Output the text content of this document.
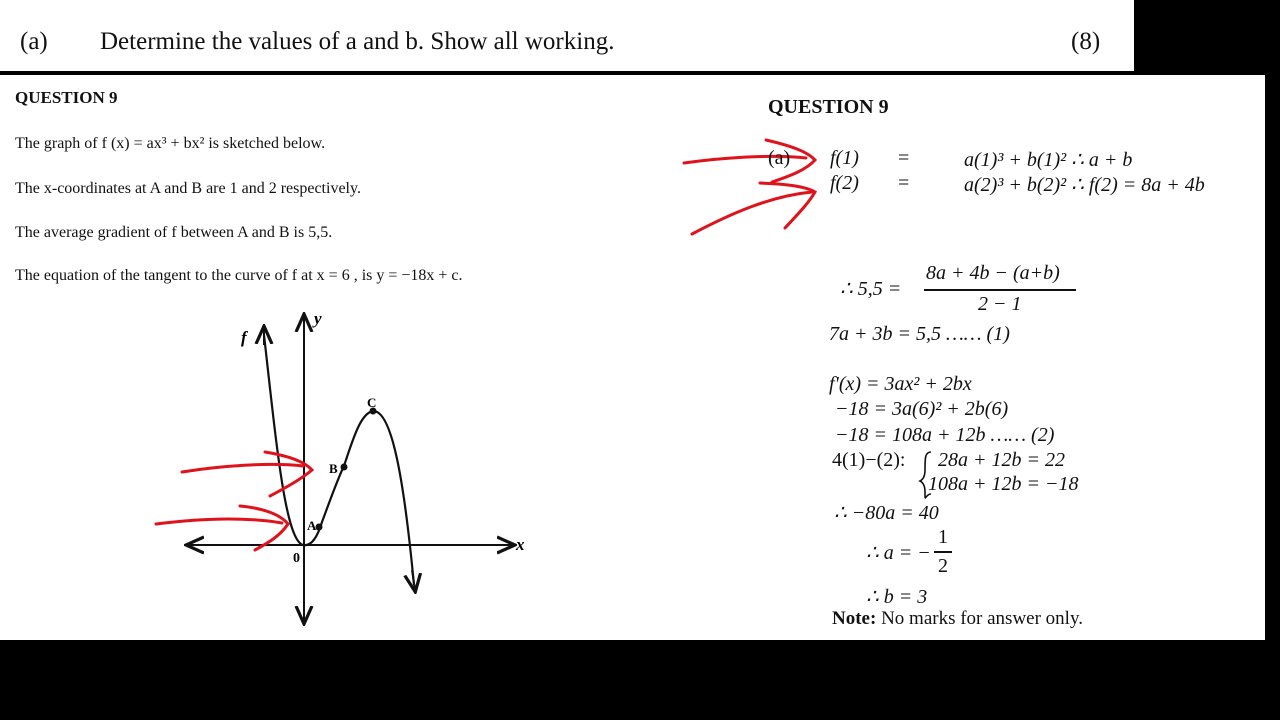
(a) Determine the values of a and b. Show all working.	(8)
QUESTION 9
The graph of f (x) = ax³ + bx² is sketched below.
The x-coordinates at A and B are 1 and 2 respectively.
The average gradient of f between A and B is 5,5.
The equation of the tangent to the curve of f at x = 6 , is y = −18x + c.
f
y
x
0
A
B
C
QUESTION 9
(a) f(1) =	a(1)³ + b(1)² ∴ a + b
f(2) =	a(2)³ + b(2)² ∴ f(2) = 8a + 4b
∴ 5,5 =
8a + 4b − (a+b)
2 − 1
7a + 3b = 5,5 …… (1)
f'(x) = 3ax² + 2bx
−18 = 3a(6)² + 2b(6)
−18 = 108a + 12b …… (2)
4(1)−(2): 28a + 12b = 22
108a + 12b = −18
∴ −80a = 40
∴ a = −
1
2
∴ b = 3
Note: No marks for answer only.
